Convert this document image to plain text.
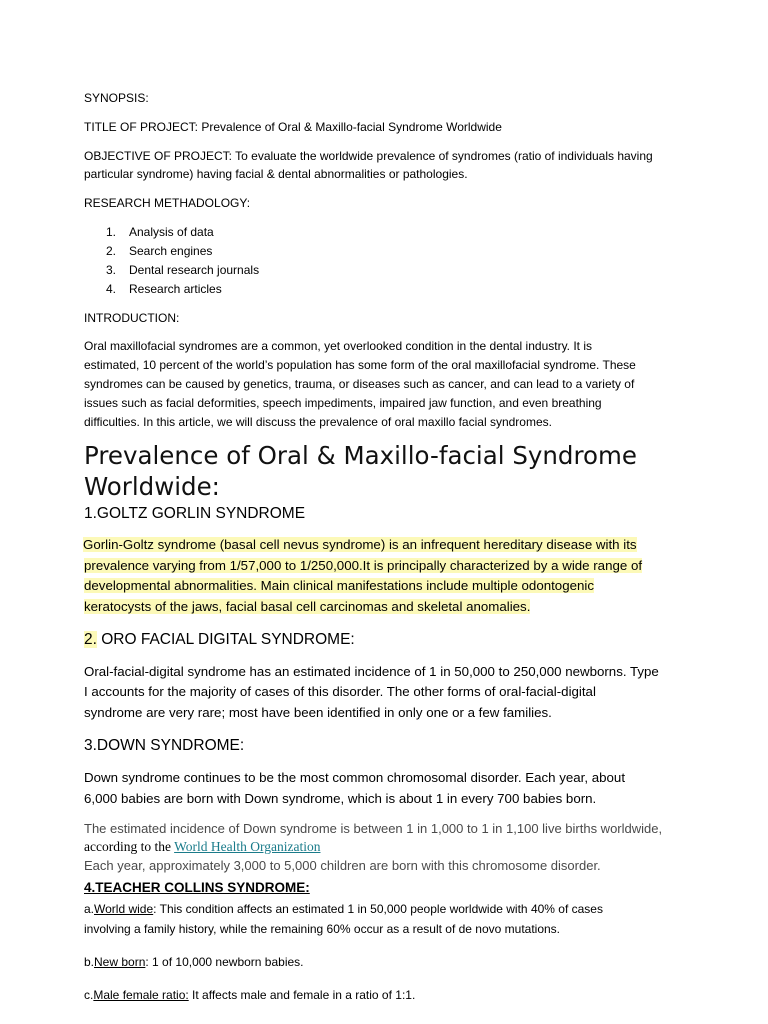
SYNOPSIS:
TITLE OF PROJECT: Prevalence of Oral & Maxillo-facial Syndrome Worldwide
OBJECTIVE OF PROJECT: To evaluate the worldwide prevalence of syndromes (ratio of individuals having
particular syndrome) having facial & dental abnormalities or pathologies.
RESEARCH METHADOLOGY:
1.	Analysis of data
2.	Search engines
3.	Dental research journals
4.	Research articles
INTRODUCTION:
Oral maxillofacial syndromes are a common, yet overlooked condition in the dental industry. It is
estimated, 10 percent of the world’s population has some form of the oral maxillofacial syndrome. These
syndromes can be caused by genetics, trauma, or diseases such as cancer, and can lead to a variety of
issues such as facial deformities, speech impediments, impaired jaw function, and even breathing
difficulties. In this article, we will discuss the prevalence of oral maxillo facial syndromes.
Prevalence of Oral & Maxillo-facial Syndrome
Worldwide:
1.GOLTZ GORLIN SYNDROME
Gorlin-Goltz syndrome (basal cell nevus syndrome) is an infrequent hereditary disease with its
prevalence varying from 1/57,000 to 1/250,000.It is principally characterized by a wide range of
developmental abnormalities. Main clinical manifestations include multiple odontogenic
keratocysts of the jaws, facial basal cell carcinomas and skeletal anomalies.
2. ORO FACIAL DIGITAL SYNDROME:
Oral-facial-digital syndrome has an estimated incidence of 1 in 50,000 to 250,000 newborns. Type
I accounts for the majority of cases of this disorder. The other forms of oral-facial-digital
syndrome are very rare; most have been identified in only one or a few families.
3.DOWN SYNDROME:
Down syndrome continues to be the most common chromosomal disorder. Each year, about
6,000 babies are born with Down syndrome, which is about 1 in every 700 babies born.
The estimated incidence of Down syndrome is between 1 in 1,000 to 1 in 1,100 live births worldwide,
according to the World Health Organization
Each year, approximately 3,000 to 5,000 children are born with this chromosome disorder.
4.TEACHER COLLINS SYNDROME:
a.World wide: This condition affects an estimated 1 in 50,000 people worldwide with 40% of cases
involving a family history, while the remaining 60% occur as a result of de novo mutations.
b.New born: 1 of 10,000 newborn babies.
c.Male female ratio: It affects male and female in a ratio of 1:1.
